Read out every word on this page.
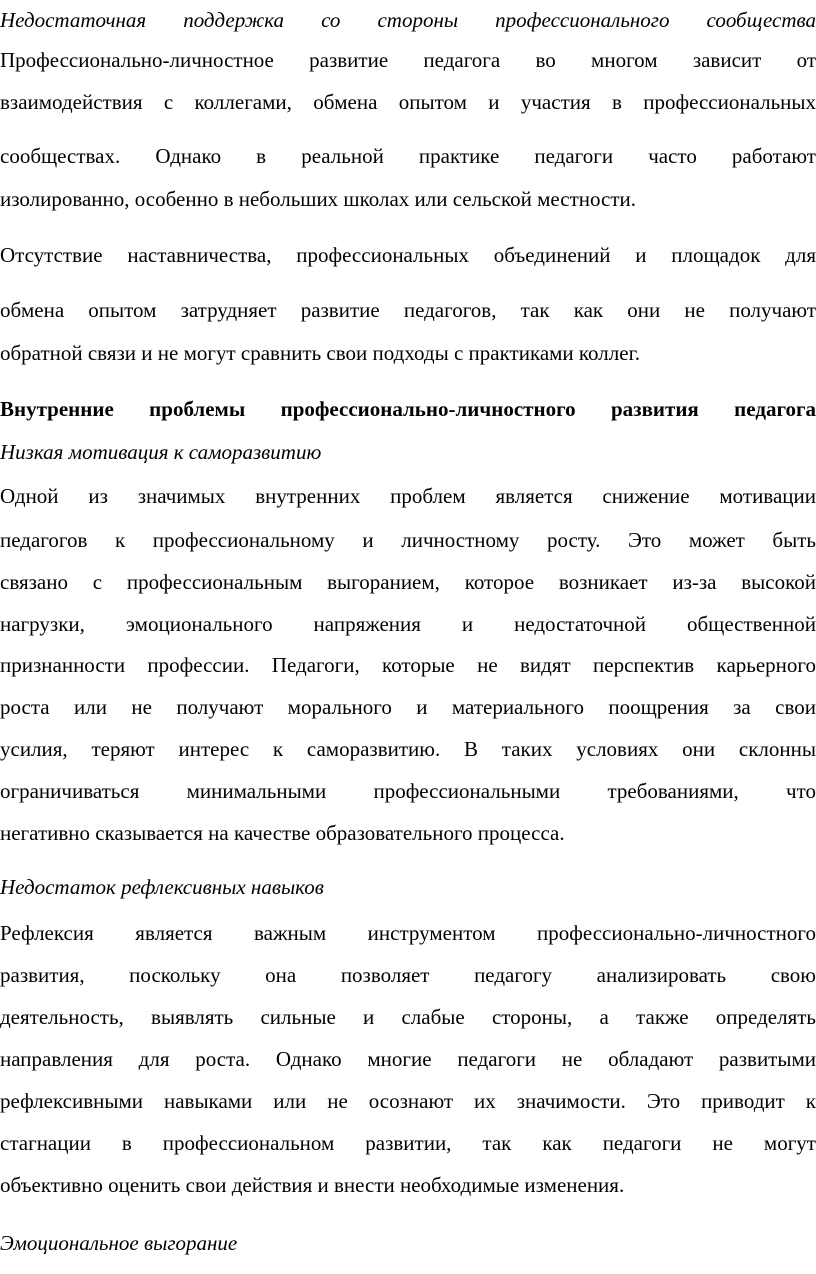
Недостаточная поддержка со стороны профессионального сообщества
Профессионально-личностное развитие педагога во многом зависит от
взаимодействия с коллегами, обмена опытом и участия в профессиональных
сообществах. Однако в реальной практике педагоги часто работают
изолированно, особенно в небольших школах или сельской местности.
Отсутствие наставничества, профессиональных объединений и площадок для
обмена опытом затрудняет развитие педагогов, так как они не получают
обратной связи и не могут сравнить свои подходы с практиками коллег.
Внутренние проблемы профессионально-личностного развития педагога
Низкая мотивация к саморазвитию
Одной из значимых внутренних проблем является снижение мотивации
педагогов к профессиональному и личностному росту. Это может быть
связано с профессиональным выгоранием, которое возникает из-за высокой
нагрузки, эмоционального напряжения и недостаточной общественной
признанности профессии. Педагоги, которые не видят перспектив карьерного
роста или не получают морального и материального поощрения за свои
усилия, теряют интерес к саморазвитию. В таких условиях они склонны
ограничиваться минимальными профессиональными требованиями, что
негативно сказывается на качестве образовательного процесса.
Недостаток рефлексивных навыков
Рефлексия является важным инструментом профессионально-личностного
развития, поскольку она позволяет педагогу анализировать свою
деятельность, выявлять сильные и слабые стороны, а также определять
направления для роста. Однако многие педагоги не обладают развитыми
рефлексивными навыками или не осознают их значимости. Это приводит к
стагнации в профессиональном развитии, так как педагоги не могут
объективно оценить свои действия и внести необходимые изменения.
Эмоциональное выгорание
